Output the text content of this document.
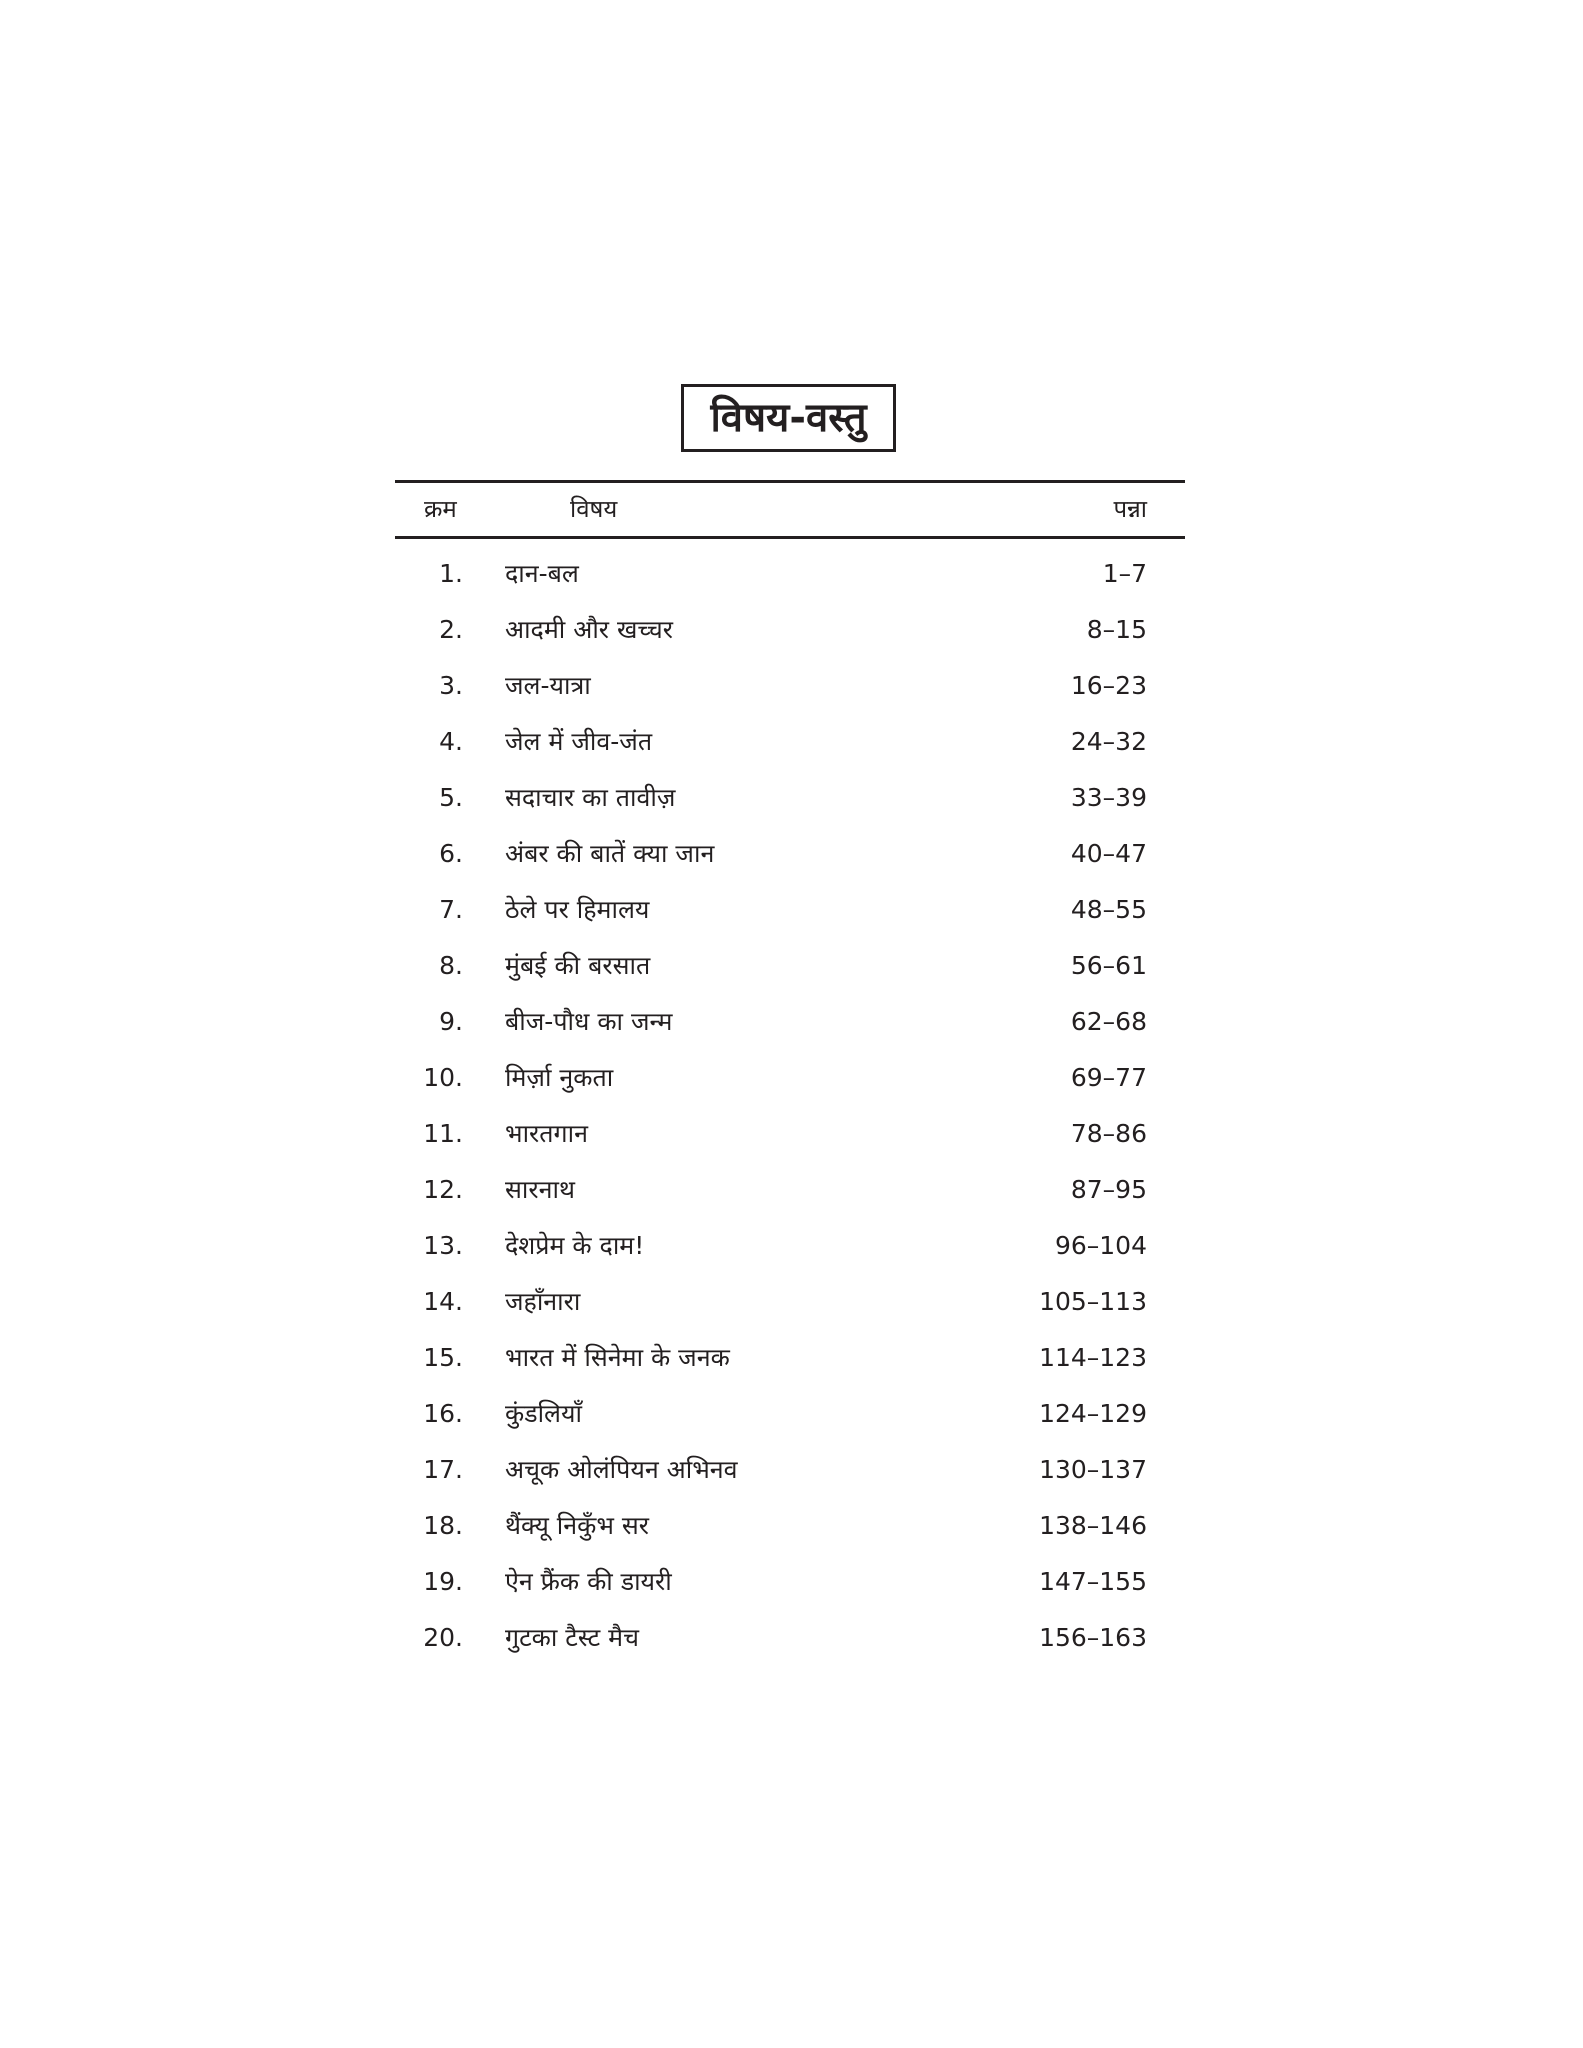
विषय-वस्तु
क्रम	विषय	पन्ना
1. दान-बल	1–7
2. आदमी और खच्चर	8–15
3. जल-यात्रा	16–23
4. जेल में जीव-जंत	24–32
5. सदाचार का तावीज़	33–39
6. अंबर की बातें क्या जान	40–47
7. ठेले पर हिमालय	48–55
8. मुंबई की बरसात	56–61
9. बीज-पौध का जन्म	62–68
10. मिर्ज़ा नुकता	69–77
11. भारतगान	78–86
12. सारनाथ	87–95
13. देशप्रेम के दाम!	96–104
14. जहाँनारा	105–113
15. भारत में सिनेमा के जनक	114–123
16. कुंडलियाँ	124–129
17. अचूक ओलंपियन अभिनव	130–137
18. थैंक्यू निकुँभ सर	138–146
19. ऐन फ्रैंक की डायरी	147–155
20. गुटका टैस्ट मैच	156–163
